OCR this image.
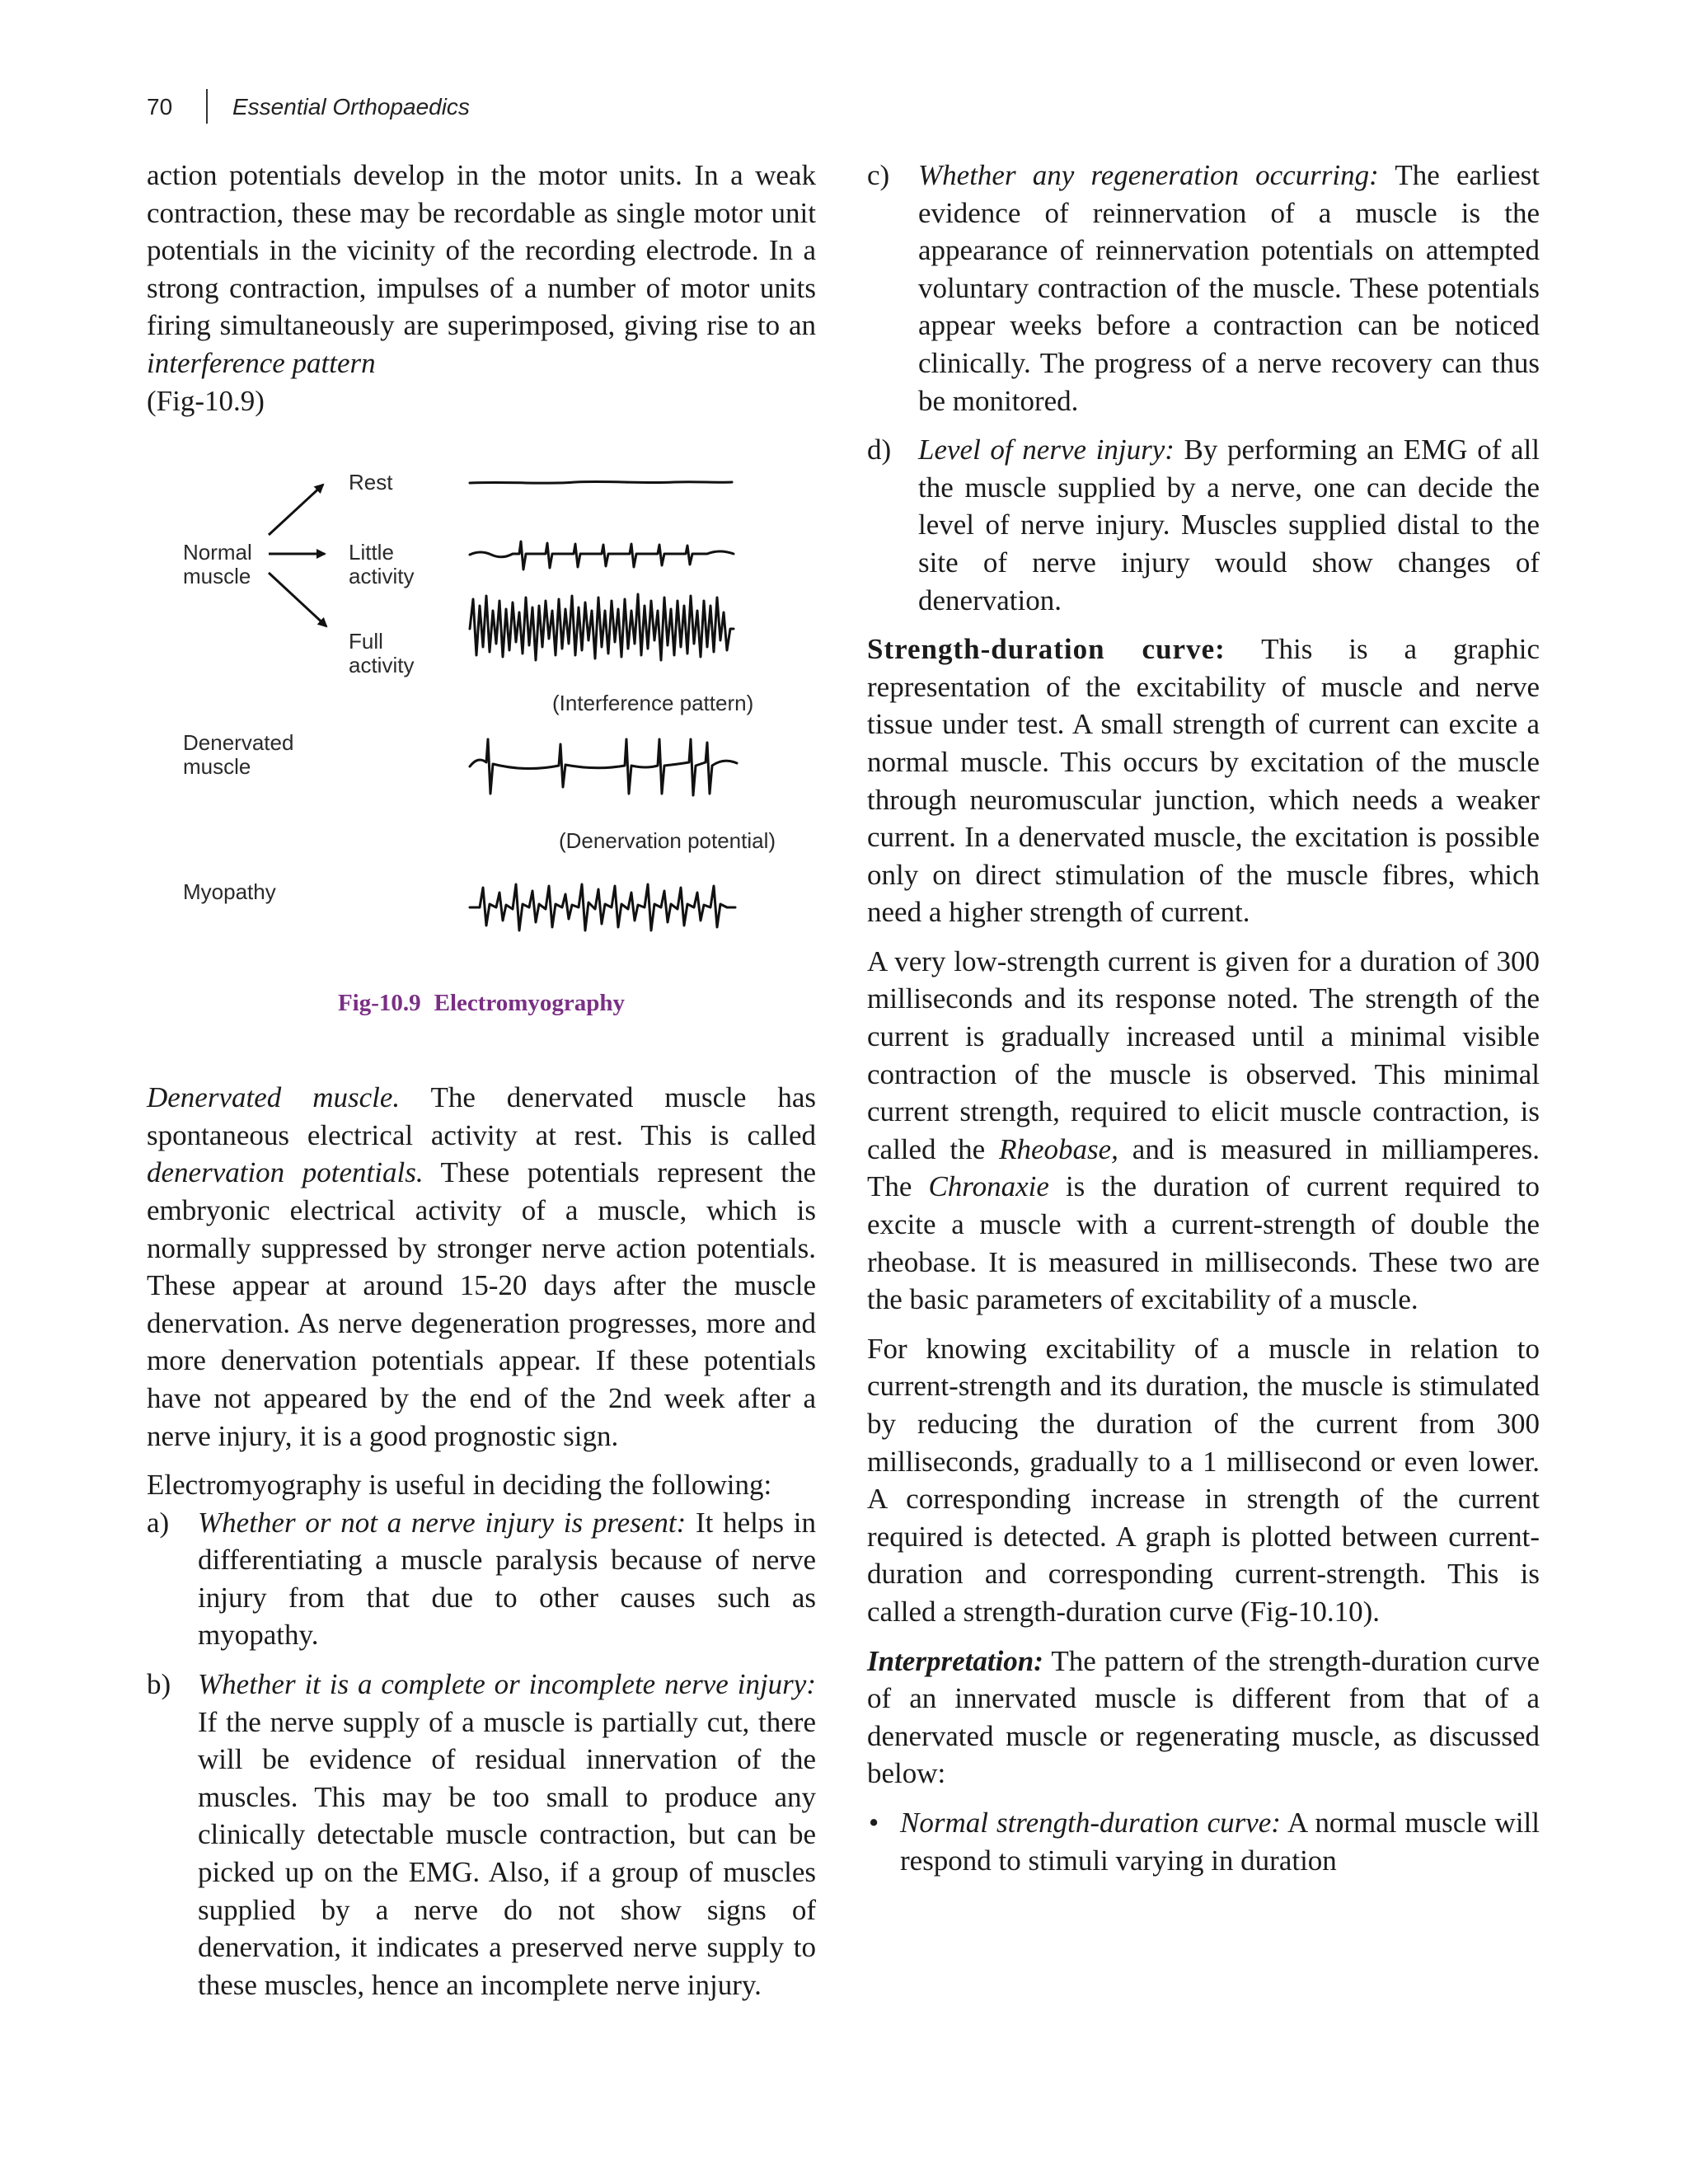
70	Essential Orthopaedics

action potentials develop in the motor units. In a weak contraction, these may be recordable as single motor unit potentials in the vicinity of the recording electrode. In a strong contraction, impulses of a number of motor units firing simultaneously are superimposed, giving rise to an interference pattern
(Fig-10.9)

Normal
muscle
Rest
Little
activity
Full
activity
(Interference pattern)
Denervated
muscle
(Denervation potential)
Myopathy
Fig-10.9 Electromyography

Denervated muscle. The denervated muscle has spontaneous electrical activity at rest. This is called denervation potentials. These potentials represent the embryonic electrical activity of a muscle, which is normally suppressed by stronger nerve action potentials. These appear at around 15-20 days after the muscle denervation. As nerve degeneration progresses, more and more denervation potentials appear. If these potentials have not appeared by the end of the 2nd week after a nerve injury, it is a good prognostic sign.

Electromyography is useful in deciding the following:

a) Whether or not a nerve injury is present: It helps in differentiating a muscle paralysis because of nerve injury from that due to other causes such as myopathy.

b) Whether it is a complete or incomplete nerve injury: If the nerve supply of a muscle is partially cut, there will be evidence of residual innervation of the muscles. This may be too small to produce any clinically detectable muscle contraction, but can be picked up on the EMG. Also, if a group of muscles supplied by a nerve do not show signs of denervation, it indicates a preserved nerve supply to these muscles, hence an incomplete nerve injury.

c) Whether any regeneration occurring: The earliest evidence of reinnervation of a muscle is the appearance of reinnervation potentials on attempted voluntary contraction of the muscle. These potentials appear weeks before a contraction can be noticed clinically. The progress of a nerve recovery can thus be monitored.

d) Level of nerve injury: By performing an EMG of all the muscle supplied by a nerve, one can decide the level of nerve injury. Muscles supplied distal to the site of nerve injury would show changes of denervation.

Strength-duration curve: This is a graphic representation of the excitability of muscle and nerve tissue under test. A small strength of current can excite a normal muscle. This occurs by excitation of the muscle through neuromuscular junction, which needs a weaker current. In a denervated muscle, the excitation is possible only on direct stimulation of the muscle fibres, which need a higher strength of current.

A very low-strength current is given for a duration of 300 milliseconds and its response noted. The strength of the current is gradually increased until a minimal visible contraction of the muscle is observed. This minimal current strength, required to elicit muscle contraction, is called the Rheobase, and is measured in milliamperes. The Chronaxie is the duration of current required to excite a muscle with a current-strength of double the rheobase. It is measured in milliseconds. These two are the basic parameters of excitability of a muscle.

For knowing excitability of a muscle in relation to current-strength and its duration, the muscle is stimulated by reducing the duration of the current from 300 milliseconds, gradually to a 1 millisecond or even lower. A corresponding increase in strength of the current required is detected. A graph is plotted between current-duration and corresponding current-strength. This is called a strength-duration curve (Fig-10.10).

Interpretation: The pattern of the strength-duration curve of an innervated muscle is different from that of a denervated muscle or regenerating muscle, as discussed below:

• Normal strength-duration curve: A normal muscle will respond to stimuli varying in duration
